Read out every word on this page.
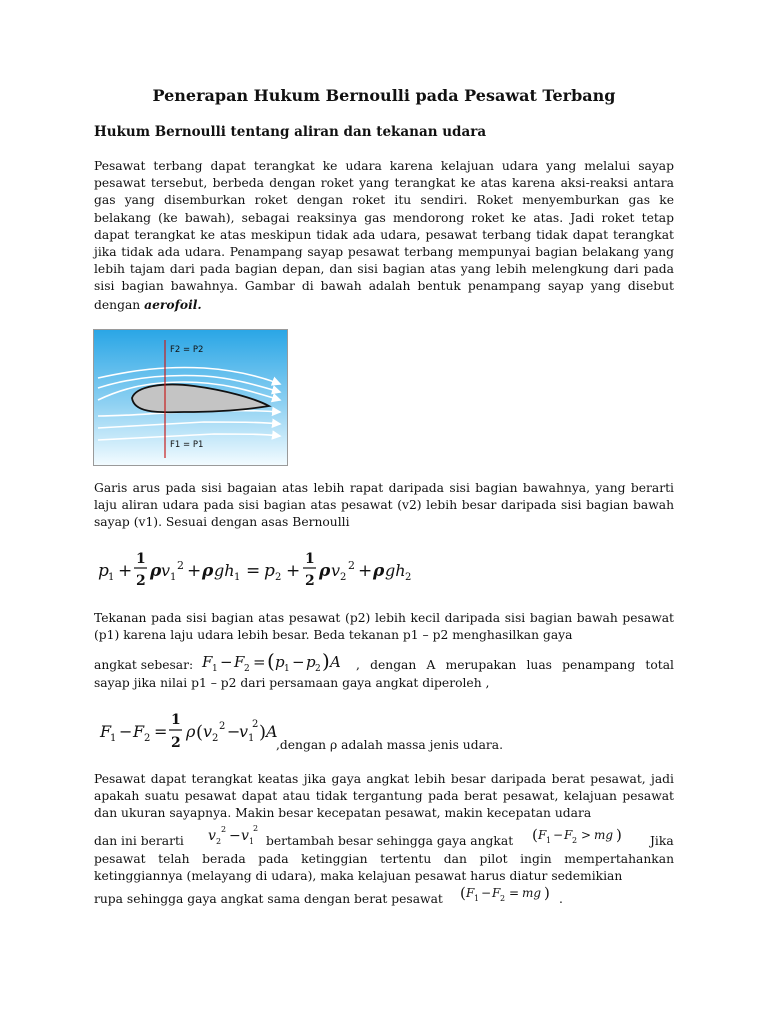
Penerapan Hukum Bernoulli pada Pesawat Terbang
Hukum Bernoulli tentang aliran dan tekanan udara

Pesawat terbang dapat terangkat ke udara karena kelajuan udara yang melalui sayap pesawat tersebut, berbeda dengan roket yang terangkat ke atas karena aksi-reaksi antara gas yang disemburkan roket dengan roket itu sendiri. Roket menyemburkan gas ke belakang (ke bawah), sebagai reaksinya gas mendorong roket ke atas. Jadi roket tetap dapat terangkat ke atas meskipun tidak ada udara, pesawat terbang tidak dapat terangkat jika tidak ada udara. Penampang sayap pesawat terbang mempunyai bagian belakang yang lebih tajam dari pada bagian depan, dan sisi bagian atas yang lebih melengkung dari pada sisi bagian bawahnya. Gambar di bawah adalah bentuk penampang sayap yang disebut dengan aerofoil.

F2 = P2
F1 = P1

Garis arus pada sisi bagaian atas lebih rapat daripada sisi bagian bawahnya, yang berarti laju aliran udara pada sisi bagian atas pesawat (v2) lebih besar daripada sisi bagian bawah sayap (v1). Sesuai dengan asas Bernoulli

p 1 +
1
2 ρ v 1
2 + ρ gh 1 = p 2 +
1
2 ρ v 2
2 + ρ gh 2

Tekanan pada sisi bagian atas pesawat (p2) lebih kecil daripada sisi bagian bawah pesawat (p1) karena laju udara lebih besar. Beda tekanan p1 – p2 menghasilkan gaya

angkat sebesar: F 1 − F 2 = ( p 1 − p 2 ) A , dengan A merupakan luas penampang total
sayap jika nilai p1 – p2 dari persamaan gaya angkat diperoleh ,
F
1 − F 2 =
1
2
ρ ( v 2
2 −
v 1
2 ) A
,dengan ρ adalah massa jenis udara.

Pesawat dapat terangkat keatas jika gaya angkat lebih besar daripada berat pesawat, jadi apakah suatu pesawat dapat atau tidak tergantung pada berat pesawat, kelajuan pesawat dan ukuran sayapnya. Makin besar kecepatan pesawat, makin kecepatan udara

dan ini berarti v 2
2 − v 1
2
bertambah besar sehingga gaya angkat ( F 1 − F 2 > mg ) Jika

pesawat telah berada pada ketinggian tertentu dan pilot ingin mempertahankan ketinggiannya (melayang di udara), maka kelajuan pesawat harus diatur sedemikian

rupa sehingga gaya angkat sama dengan berat pesawat ( F 1 − F 2 = mg ) .
